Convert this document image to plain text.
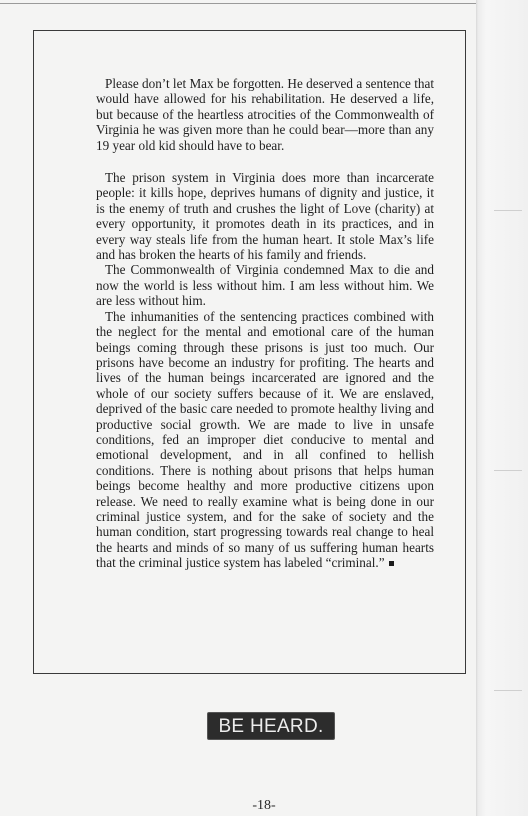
Please don’t let Max be forgotten. He deserved a sentence that would have allowed for his rehabilitation. He deserved a life, but because of the heartless atrocities of the Commonwealth of Virginia he was given more than he could bear—more than any 19 year old kid should have to bear.

The prison system in Virginia does more than incarcerate people: it kills hope, deprives humans of dignity and justice, it is the enemy of truth and crushes the light of Love (charity) at every opportunity, it promotes death in its practices, and in every way steals life from the human heart. It stole Max’s life and has broken the hearts of his family and friends.

The Commonwealth of Virginia condemned Max to die and now the world is less without him. I am less without him. We are less without him.

The inhumanities of the sentencing practices combined with the neglect for the mental and emotional care of the human beings coming through these prisons is just too much. Our prisons have become an industry for profiting. The hearts and lives of the human beings incarcerated are ignored and the whole of our society suffers because of it. We are enslaved, deprived of the basic care needed to promote healthy living and productive social growth. We are made to live in unsafe conditions, fed an improper diet conducive to mental and emotional development, and in all confined to hellish conditions. There is nothing about prisons that helps human beings become healthy and more productive citizens upon release. We need to really examine what is being done in our criminal justice system, and for the sake of society and the human condition, start progressing towards real change to heal the hearts and minds of so many of us suffering human hearts that the criminal justice system has labeled “criminal.”

BE HEARD.
-18-
